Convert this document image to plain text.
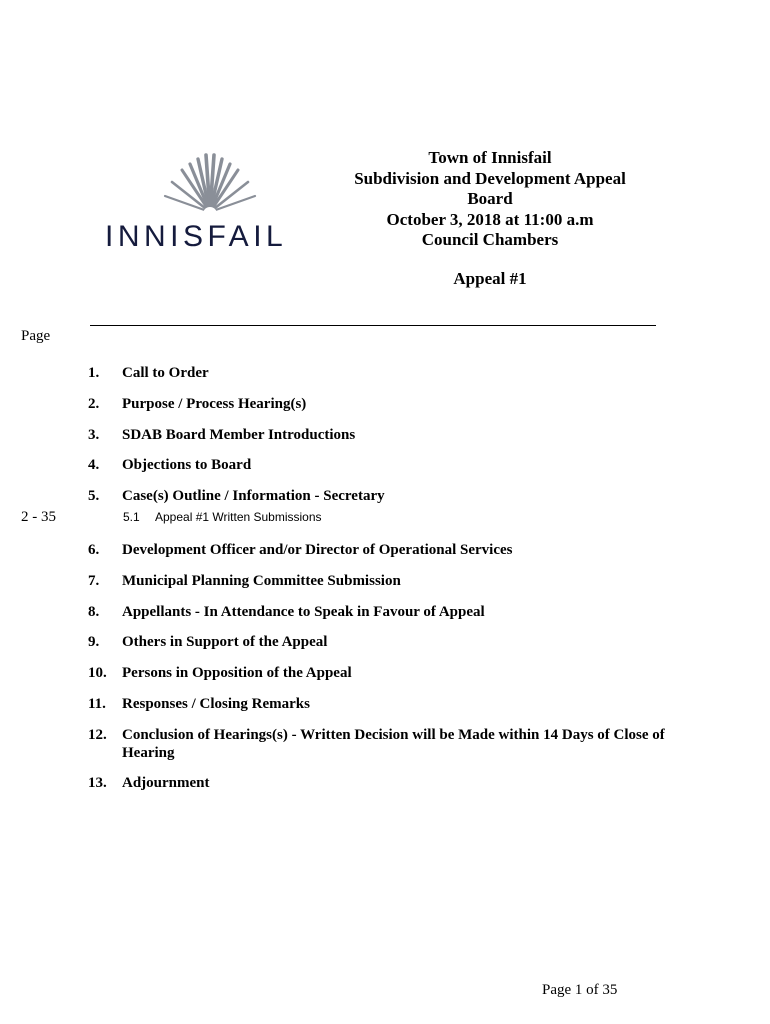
INNISFAIL
Town of Innisfail
Subdivision and Development Appeal
Board
October 3, 2018 at 11:00 a.m
Council Chambers
Appeal #1
Page
1. Call to Order
2. Purpose / Process Hearing(s)
3. SDAB Board Member Introductions
4. Objections to Board
5. Case(s) Outline / Information - Secretary
2 - 35	5.1 Appeal #1 Written Submissions
6. Development Officer and/or Director of Operational Services
7. Municipal Planning Committee Submission
8. Appellants - In Attendance to Speak in Favour of Appeal
9. Others in Support of the Appeal
10. Persons in Opposition of the Appeal
11. Responses / Closing Remarks
12. Conclusion of Hearings(s) - Written Decision will be Made within 14 Days of Close of Hearing
13. Adjournment
Page 1 of 35
